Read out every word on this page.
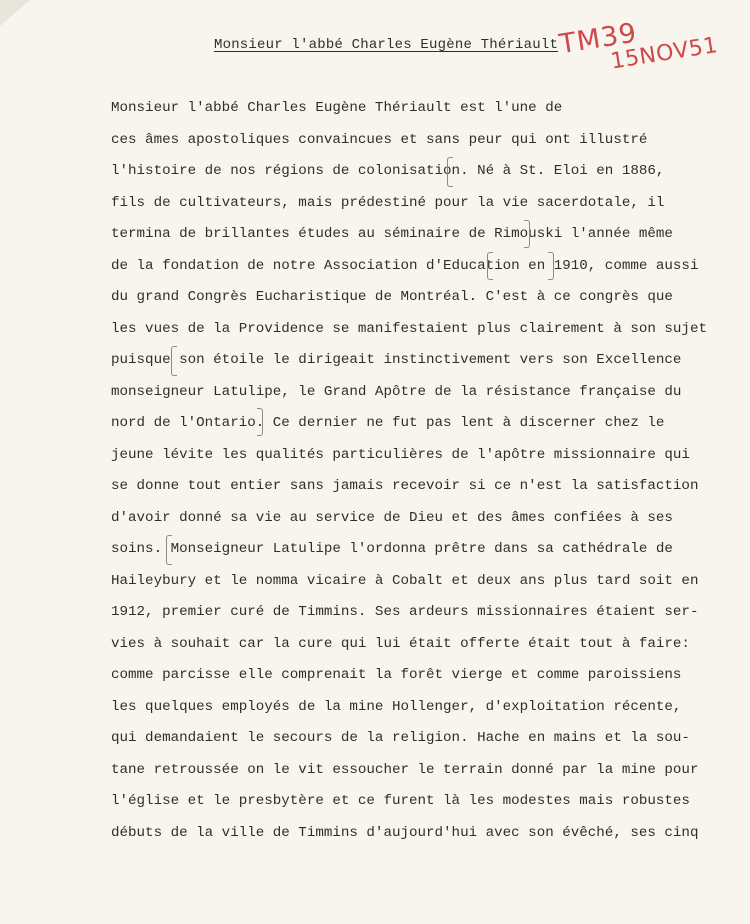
Monsieur l'abbé Charles Eugène Thériault TM39
15NOV51
Monsieur l'abbé Charles Eugène Thériault est l'une de
ces âmes apostoliques convaincues et sans peur qui ont illustré
l'histoire de nos régions de colonisation. Né à St. Eloi en 1886,
fils de cultivateurs, mais prédestiné pour la vie sacerdotale, il
termina de brillantes études au séminaire de Rimouski l'année même
de la fondation de notre Association d'Education en 1910, comme aussi
du grand Congrès Eucharistique de Montréal. C'est à ce congrès que
les vues de la Providence se manifestaient plus clairement à son sujet
puisque son étoile le dirigeait instinctivement vers son Excellence
monseigneur Latulipe, le Grand Apôtre de la résistance française du
nord de l'Ontario. Ce dernier ne fut pas lent à discerner chez le
jeune lévite les qualités particulières de l'apôtre missionnaire qui
se donne tout entier sans jamais recevoir si ce n'est la satisfaction
d'avoir donné sa vie au service de Dieu et des âmes confiées à ses
soins. Monseigneur Latulipe l'ordonna prêtre dans sa cathédrale de
Haileybury et le nomma vicaire à Cobalt et deux ans plus tard soit en
1912, premier curé de Timmins. Ses ardeurs missionnaires étaient ser-
vies à souhait car la cure qui lui était offerte était tout à faire:
comme parcisse elle comprenait la forêt vierge et comme paroissiens
les quelques employés de la mine Hollenger, d'exploitation récente,
qui demandaient le secours de la religion. Hache en mains et la sou-
tane retroussée on le vit essoucher le terrain donné par la mine pour
l'église et le presbytère et ce furent là les modestes mais robustes
débuts de la ville de Timmins d'aujourd'hui avec son évêché, ses cinq
